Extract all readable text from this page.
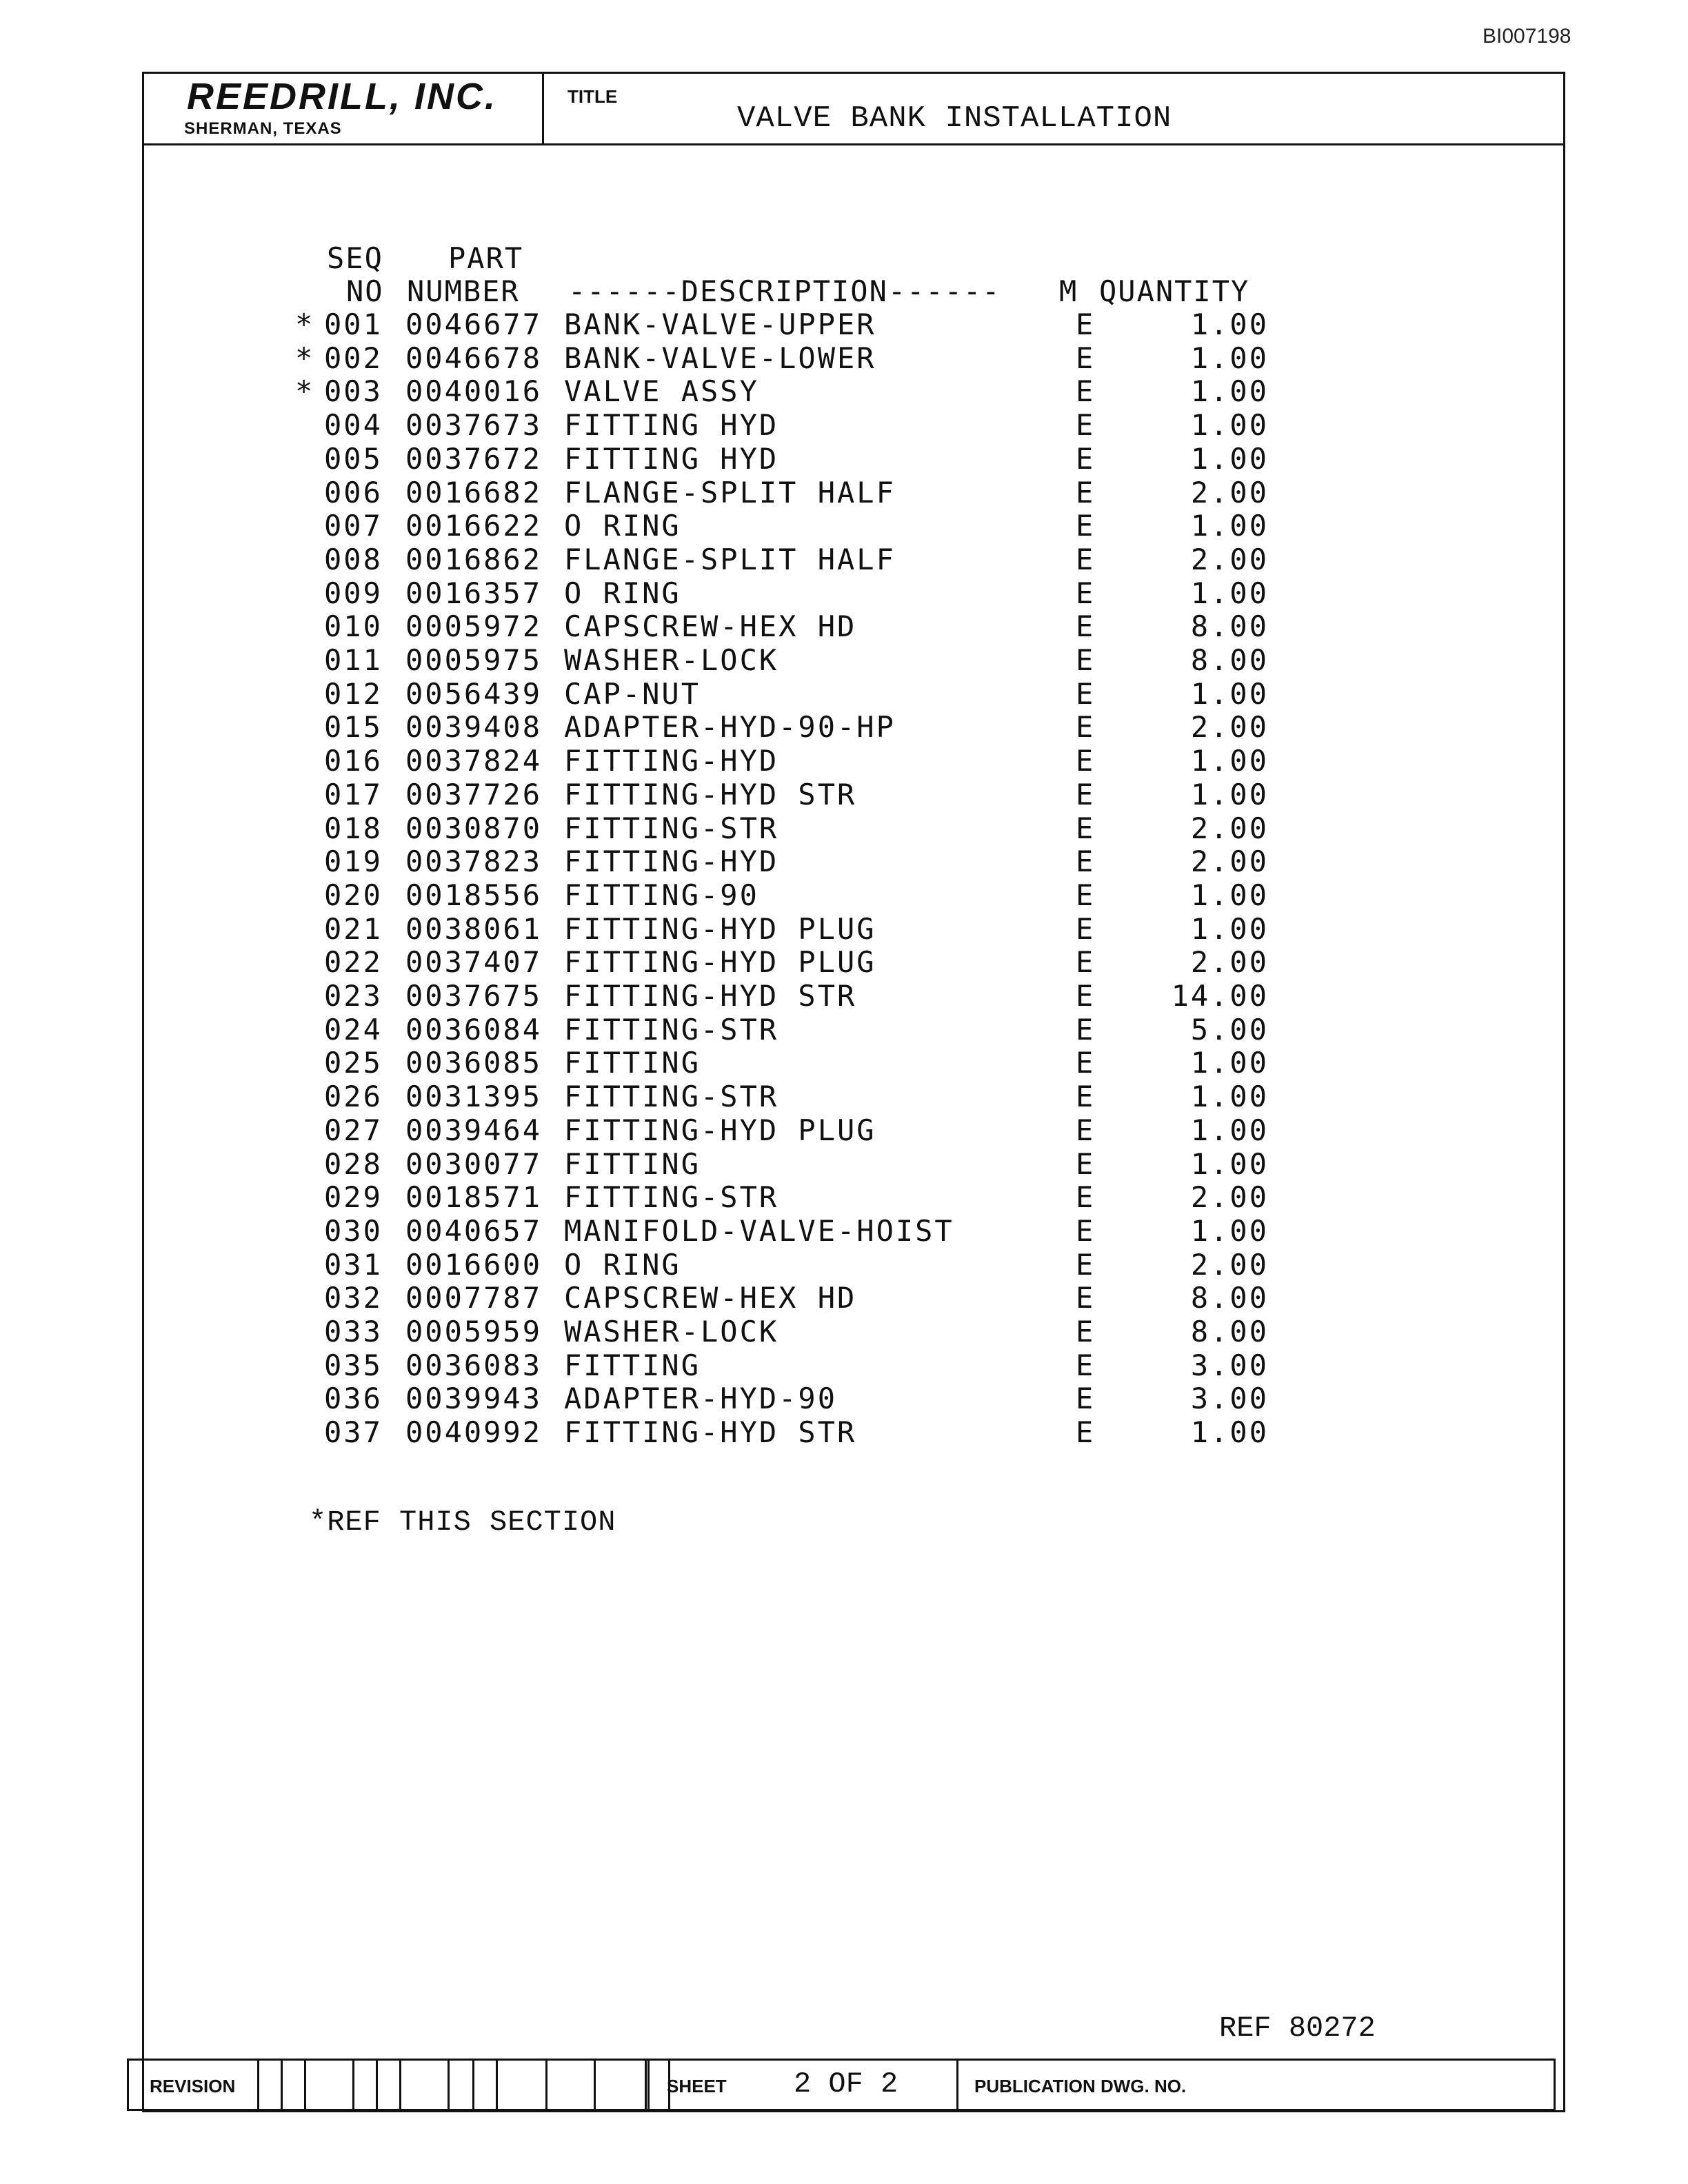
BI007198
REEDRILL, INC.
SHERMAN, TEXAS
TITLE
VALVE BANK INSTALLATION
SEQ PART
NO NUMBER ------DESCRIPTION------ M QUANTITY
* 001 0046677 BANK-VALVE-UPPER	E	1.00
* 002 0046678 BANK-VALVE-LOWER	E	1.00
* 003 0040016 VALVE ASSY	E	1.00
004 0037673 FITTING HYD	E	1.00
005 0037672 FITTING HYD	E	1.00
006 0016682 FLANGE-SPLIT HALF	E	2.00
007 0016622 O RING	E	1.00
008 0016862 FLANGE-SPLIT HALF	E	2.00
009 0016357 O RING	E	1.00
010 0005972 CAPSCREW-HEX HD	E	8.00
011 0005975 WASHER-LOCK	E	8.00
012 0056439 CAP-NUT	E	1.00
015 0039408 ADAPTER-HYD-90-HP	E	2.00
016 0037824 FITTING-HYD	E	1.00
017 0037726 FITTING-HYD STR	E	1.00
018 0030870 FITTING-STR	E	2.00
019 0037823 FITTING-HYD	E	2.00
020 0018556 FITTING-90	E	1.00
021 0038061 FITTING-HYD PLUG	E	1.00
022 0037407 FITTING-HYD PLUG	E	2.00
023 0037675 FITTING-HYD STR	E	14.00
024 0036084 FITTING-STR	E	5.00
025 0036085 FITTING	E	1.00
026 0031395 FITTING-STR	E	1.00
027 0039464 FITTING-HYD PLUG	E	1.00
028 0030077 FITTING	E	1.00
029 0018571 FITTING-STR	E	2.00
030 0040657 MANIFOLD-VALVE-HOIST	E	1.00
031 0016600 O RING	E	2.00
032 0007787 CAPSCREW-HEX HD	E	8.00
033 0005959 WASHER-LOCK	E	8.00
035 0036083 FITTING	E	3.00
036 0039943 ADAPTER-HYD-90	E	3.00
037 0040992 FITTING-HYD STR	E	1.00
*REF THIS SECTION
REF 80272
REVISION	SHEET 2 OF 2	PUBLICATION DWG. NO.
